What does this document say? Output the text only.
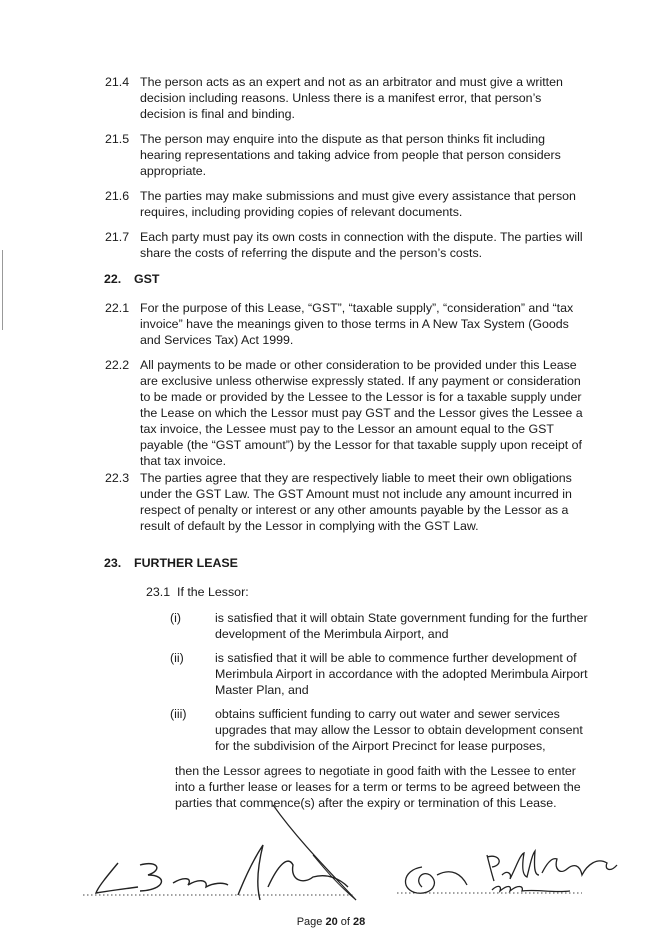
21.4 The person acts as an expert and not as an arbitrator and must give a written decision including reasons. Unless there is a manifest error, that person’s decision is final and binding.

21.5 The person may enquire into the dispute as that person thinks fit including hearing representations and taking advice from people that person considers appropriate.

21.6 The parties may make submissions and must give every assistance that person requires, including providing copies of relevant documents.

21.7 Each party must pay its own costs in connection with the dispute. The parties will share the costs of referring the dispute and the person’s costs.

22. GST
22.1 For the purpose of this Lease, “GST”, “taxable supply”, “consideration” and “tax invoice” have the meanings given to those terms in A New Tax System (Goods and Services Tax) Act 1999.

22.2 All payments to be made or other consideration to be provided under this Lease are exclusive unless otherwise expressly stated. If any payment or consideration to be made or provided by the Lessee to the Lessor is for a taxable supply under the Lease on which the Lessor must pay GST and the Lessor gives the Lessee a tax invoice, the Lessee must pay to the Lessor an amount equal to the GST payable (the “GST amount”) by the Lessor for that taxable supply upon receipt of that tax invoice.

22.3 The parties agree that they are respectively liable to meet their own obligations under the GST Law. The GST Amount must not include any amount incurred in respect of penalty or interest or any other amounts payable by the Lessor as a result of default by the Lessor in complying with the GST Law.

23. FURTHER LEASE
23.1 If the Lessor:
(i)	is satisfied that it will obtain State government funding for the further development of the Merimbula Airport, and

(ii)	is satisfied that it will be able to commence further development of Merimbula Airport in accordance with the adopted Merimbula Airport Master Plan, and

(iii) obtains sufficient funding to carry out water and sewer services upgrades that may allow the Lessor to obtain development consent for the subdivision of the Airport Precinct for lease purposes,

then the Lessor agrees to negotiate in good faith with the Lessee to enter into a further lease or leases for a term or terms to be agreed between the parties that commence(s) after the expiry or termination of this Lease.

Page 20 of 28
